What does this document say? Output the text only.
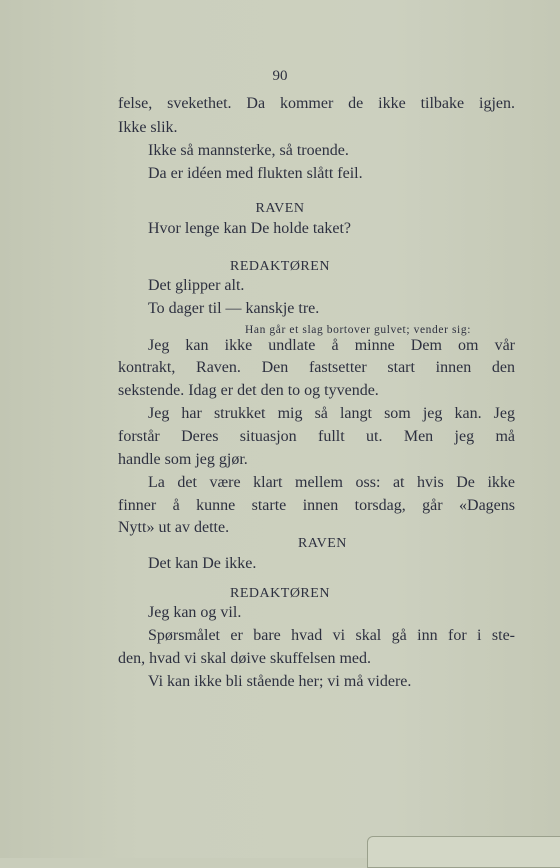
90
felse, svekethet. Da kommer de ikke tilbake igjen.
Ikke slik.
Ikke så mannsterke, så troende.
Da er idéen med flukten slått feil.
RAVEN
Hvor lenge kan De holde taket?
REDAKTØREN
Det glipper alt.
To dager til — kanskje tre.
Han går et slag bortover gulvet; vender sig:
Jeg kan ikke undlate å minne Dem om vår
kontrakt, Raven. Den fastsetter start innen den
sekstende. Idag er det den to og tyvende.
Jeg har strukket mig så langt som jeg kan. Jeg
forstår Deres situasjon fullt ut. Men jeg må
handle som jeg gjør.
La det være klart mellem oss: at hvis De ikke
finner å kunne starte innen torsdag, går «Dagens
Nytt» ut av dette.
RAVEN
Det kan De ikke.
REDAKTØREN
Jeg kan og vil.
Spørsmålet er bare hvad vi skal gå inn for i ste-
den, hvad vi skal døive skuffelsen med.
Vi kan ikke bli stående her; vi må videre.
